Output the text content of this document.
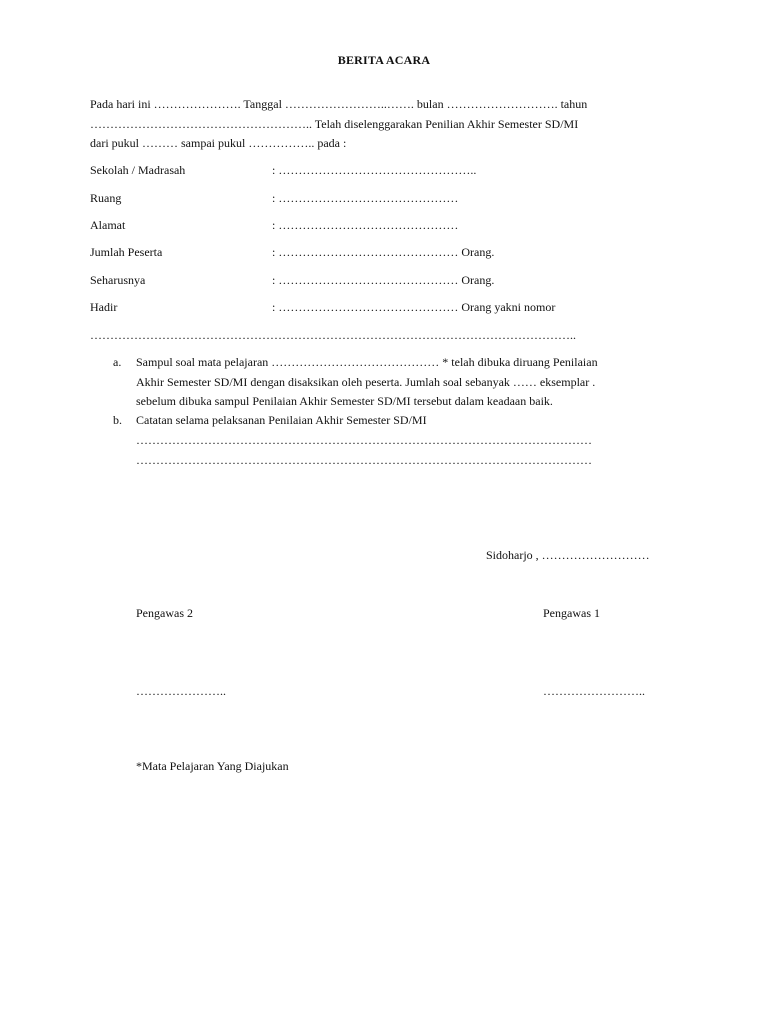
BERITA ACARA
Pada hari ini …………………. Tanggal ……………………..……. bulan ………………………. tahun
……………………………………………….. Telah diselenggarakan Penilian Akhir Semester SD/MI
dari pukul ……… sampai pukul …………….. pada :
Sekolah / Madrasah	: …………………………………………..
Ruang	: ………………………………………
Alamat	: ………………………………………
Jumlah Peserta	: ……………………………………… Orang.
Seharusnya	: ……………………………………… Orang.
Hadir	: ……………………………………… Orang yakni nomor
…………………………………………………………………………………………………………..
a. Sampul soal mata pelajaran …………………………………… * telah dibuka diruang Penilaian
Akhir Semester SD/MI dengan disaksikan oleh peserta. Jumlah soal sebanyak …… eksemplar .
sebelum dibuka sampul Penilaian Akhir Semester SD/MI tersebut dalam keadaan baik.
b. Catatan selama pelaksanan Penilaian Akhir Semester SD/MI
……………………………………………………………………………………………………
……………………………………………………………………………………………………
Sidoharjo , ………………………
Pengawas 2	Pengawas 1
…………………..	……………………..
*Mata Pelajaran Yang Diajukan
